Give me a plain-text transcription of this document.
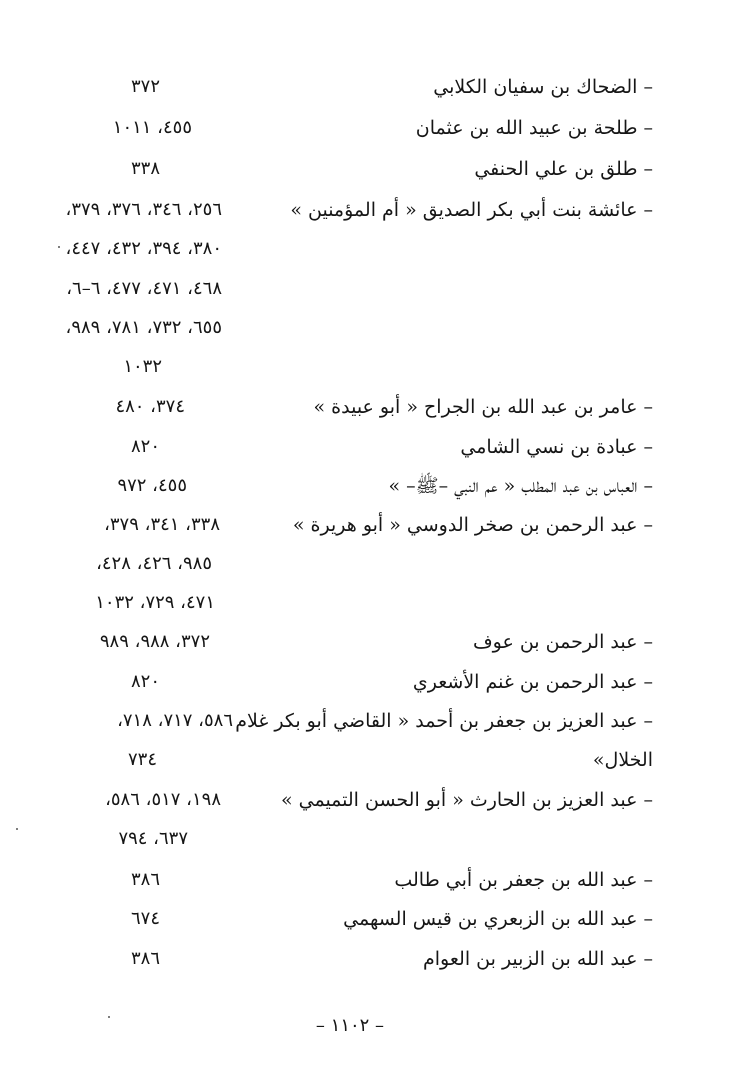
– الضحاك بن سفيان الكلابي
٣٧٢
– طلحة بن عبيد الله بن عثمان
٤٥٥، ١٠١١
– طلق بن علي الحنفي
٣٣٨
– عائشة بنت أبي بكر الصديق « أم المؤمنين »
٢٥٦، ٣٤٦، ٣٧٦، ٣٧٩،
٣٨٠، ٣٩٤، ٤٣٢، ٤٤٧،
٤٦٨، ٤٧١، ٤٧٧، ٦–٦،
٦٥٥، ٧٣٢، ٧٨١، ٩٨٩،
١٠٣٢
– عامر بن عبد الله بن الجراح « أبو عبيدة »
٣٧٤، ٤٨٠
– عبادة بن نسي الشامي
٨٢٠
– العباس بن عبد المطلب « عم النبي –ﷺ– »
٤٥٥، ٩٧٢
– عبد الرحمن بن صخر الدوسي « أبو هريرة »
٣٣٨، ٣٤١، ٣٧٩،
٩٨٥، ٤٢٦، ٤٢٨،
٤٧١، ٧٢٩، ١٠٣٢
– عبد الرحمن بن عوف
٣٧٢، ٩٨٨، ٩٨٩
– عبد الرحمن بن غنم الأشعري
٨٢٠
– عبد العزيز بن جعفر بن أحمد « القاضي أبو بكر غلام
٥٨٦، ٧١٧، ٧١٨،
الخلال»
٧٣٤
– عبد العزيز بن الحارث « أبو الحسن التميمي »
١٩٨، ٥١٧، ٥٨٦،
٦٣٧، ٧٩٤
– عبد الله بن جعفر بن أبي طالب
٣٨٦
– عبد الله بن الزبعري بن قيس السهمي
٦٧٤
– عبد الله بن الزبير بن العوام
٣٨٦
– ١١٠٢ –
